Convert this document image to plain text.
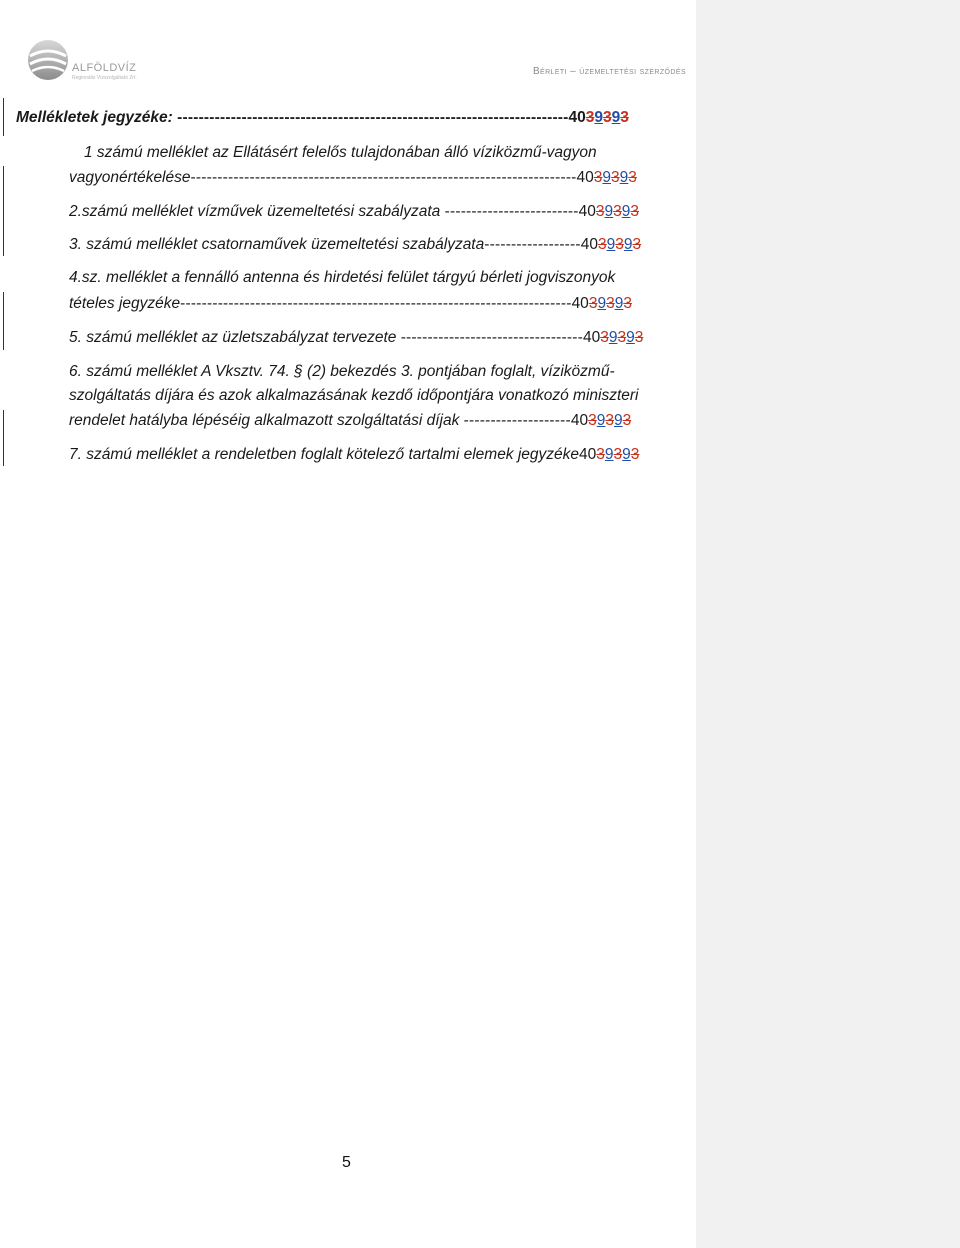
ALFÖLDVÍZ
Regionális Vízszolgáltató Zrt.
Bérleti – üzemeltetési szerződés
Mellékletek jegyzéke: -------------------------------------------------------------------------4039393
1 számú melléklet az Ellátásért felelős tulajdonában álló víziközmű-vagyon
vagyonértékelése------------------------------------------------------------------------4039393
2.számú melléklet vízművek üzemeltetési szabályzata -------------------------4039393
3. számú melléklet csatornaművek üzemeltetési szabályzata------------------4039393
4.sz. melléklet a fennálló antenna és hirdetési felület tárgyú bérleti jogviszonyok
tételes jegyzéke-------------------------------------------------------------------------4039393
5. számú melléklet az üzletszabályzat tervezete ----------------------------------4039393
6. számú melléklet A Vksztv. 74. § (2) bekezdés 3. pontjában foglalt, víziközmű-
szolgáltatás díjára és azok alkalmazásának kezdő időpontjára vonatkozó miniszteri
rendelet hatályba lépéséig alkalmazott szolgáltatási díjak --------------------4039393
7. számú melléklet a rendeletben foglalt kötelező tartalmi elemek jegyzéke4039393
5
